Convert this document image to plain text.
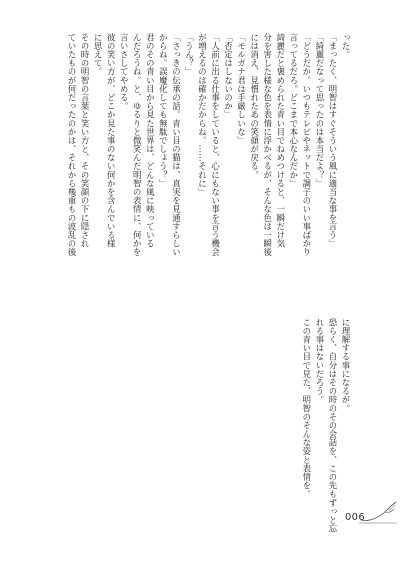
った。
「まったく、明智はすぐそういう風に適当な事を言う」
「綺麗だなって思ったのは本当だよ？」
「どうだか。いつもテレビやネットで調子のいい事ばかり
言ってるだろ。どこまで本心なんだか」
綺麗だと褒められた青い目でねめつけると、一瞬だけ気
分を害した様な色を表情に浮かべるが、そんな色は一瞬後
には消え、見慣れたあの笑顔が戻る。
「モルガナ君は手厳しいな」
「否定はしないのか」
「人前に出る仕事をしていると、心にもない事を言う機会
が増えるのは確かだからね。……それに」
「うん？」
「さっきの伝承の話。青い目の猫は、真実を見通すらしい
からね。誤魔化しても無駄でしょう？」
君のその青い目から見た世界は、どんな風に映っている
んだろうね。と、ゆるりと微笑んだ明智の表情に、何かを
言いさしてやめる。
彼の笑い方が、どこか見た事のない何かを含んでいる様
に思えて。
その時の明智の言葉と笑い方と、その笑顔の下に隠され
ていたものが何だったのかは、それから幾重もの波乱の後
に理解する事になるが。
恐らく、自分はその時のその会話を、この先もずっと忘
れる事はないだろう。
この青い目で見た、明智のそんな姿と表情を。
006
